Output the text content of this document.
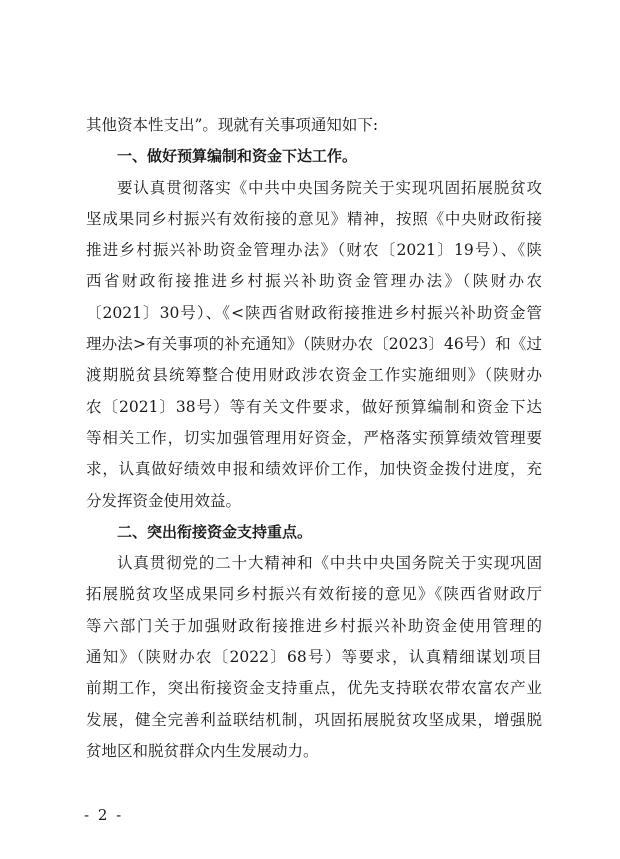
其他资本性支出”。现就有关事项通知如下:
一、做好预算编制和资金下达工作。
要认真贯彻落实《中共中央国务院关于实现巩固拓展脱贫攻
坚成果同乡村振兴有效衔接的意见》精神，按照《中央财政衔接
推进乡村振兴补助资金管理办法》（财农〔2021〕19号）、《陕
西省财政衔接推进乡村振兴补助资金管理办法》（陕财办农
〔2021〕30号）、《<陕西省财政衔接推进乡村振兴补助资金管
理办法>有关事项的补充通知》（陕财办农〔2023〕46号）和《过
渡期脱贫县统筹整合使用财政涉农资金工作实施细则》（陕财办
农〔2021〕38号）等有关文件要求，做好预算编制和资金下达
等相关工作，切实加强管理用好资金，严格落实预算绩效管理要
求，认真做好绩效申报和绩效评价工作，加快资金拨付进度，充
分发挥资金使用效益。
二、突出衔接资金支持重点。
认真贯彻党的二十大精神和《中共中央国务院关于实现巩固
拓展脱贫攻坚成果同乡村振兴有效衔接的意见》《陕西省财政厅
等六部门关于加强财政衔接推进乡村振兴补助资金使用管理的
通知》（陕财办农〔2022〕68号）等要求，认真精细谋划项目
前期工作，突出衔接资金支持重点，优先支持联农带农富农产业
发展，健全完善利益联结机制，巩固拓展脱贫攻坚成果，增强脱
贫地区和脱贫群众内生发展动力。
- 2 -
